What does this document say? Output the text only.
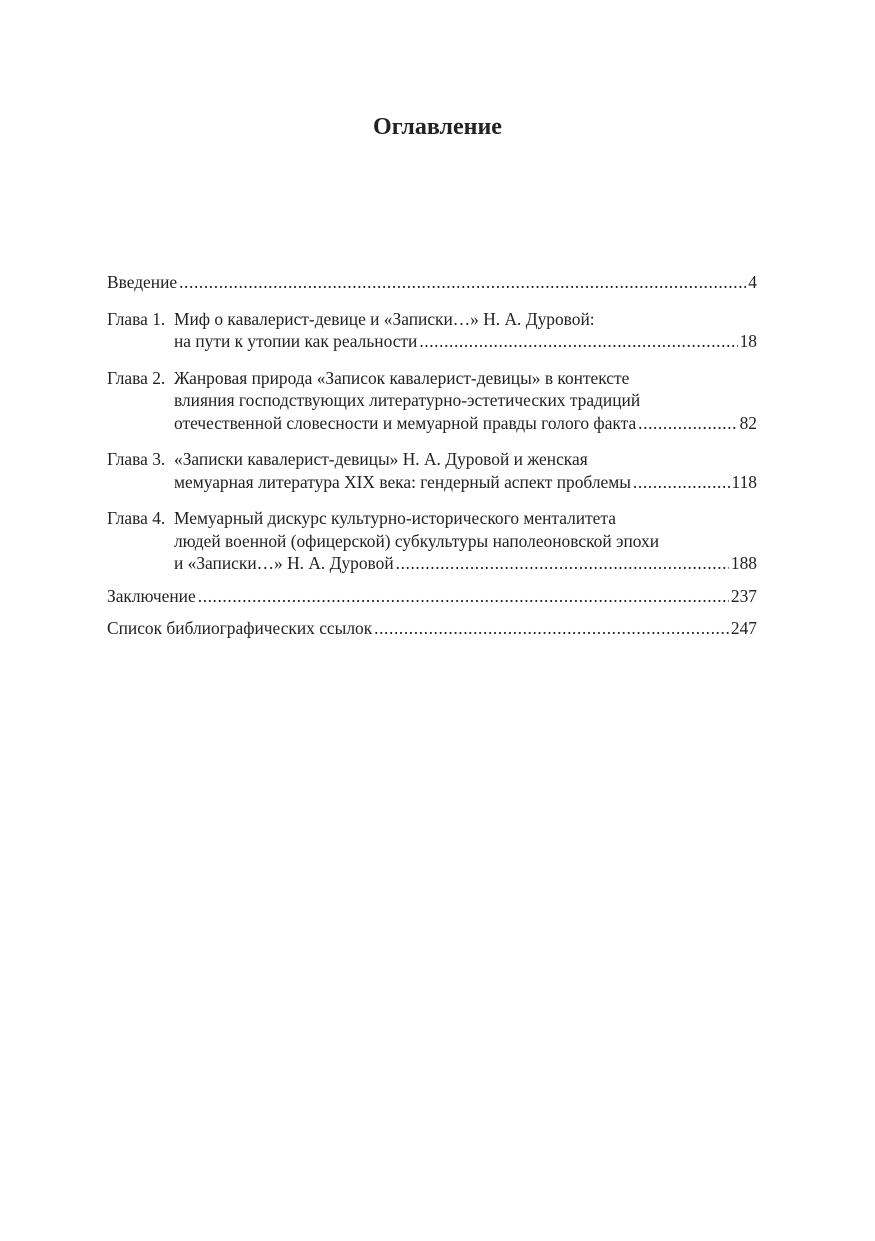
Оглавление
Введение .....	4
Глава 1. Миф о кавалерист-девице и «Записки…» Н. А. Дуровой:
на пути к утопии как реальности .....	18
Глава 2. Жанровая природа «Записок кавалерист-девицы» в контексте
влияния господствующих литературно-эстетических традиций
отечественной словесности и мемуарной правды голого факта .....	82
Глава 3. «Записки кавалерист-девицы» Н. А. Дуровой и женская
мемуарная литература XIX века: гендерный аспект проблемы .....	118
Глава 4. Мемуарный дискурс культурно-исторического менталитета
людей военной (офицерской) субкультуры наполеоновской эпохи
и «Записки…» Н. А. Дуровой .....	188
Заключение .....	237
Список библиографических ссылок .....	247
